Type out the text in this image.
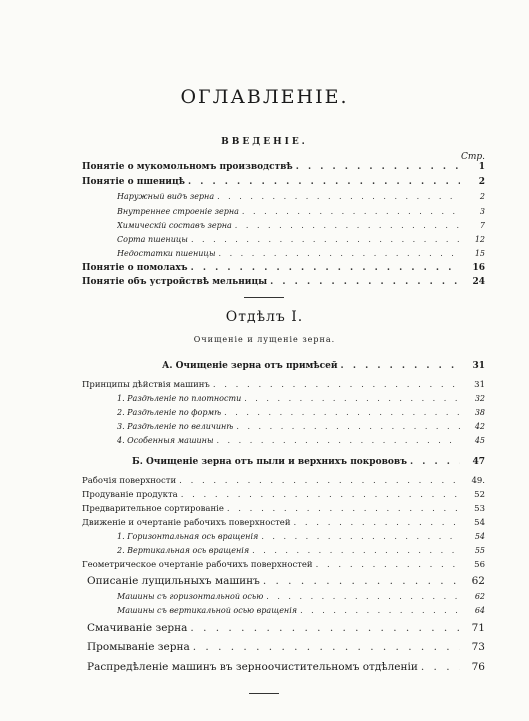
ОГЛАВЛЕНІЕ.
ВВЕДЕНІЕ.
Стр.
Понятіе о мукомольномъ производствѣ . . .	1
Понятіе о пшеницѣ . . .	2
Наружный видъ зерна . . .	2
Внутреннее строеніе зерна . . .	3
Химическій составъ зерна . . .	7
Сорта пшеницы . . .	12
Недостатки пшеницы . . .	15
Понятіе о помолахъ . . .	16
Понятіе объ устройствѣ мельницы . . .	24
Отдѣлъ I.
Очищеніе и лущеніе зерна.
А. Очищеніе зерна отъ примѣсей . . .	31
Принципы дѣйствія машинъ . . .	31
1. Раздѣленіе по плотности . . .	32
2. Раздѣленіе по формѣ . . .	38
3. Раздѣленіе по величинѣ . . .	42
4. Особенныя машины . . .	45
Б. Очищеніе зерна отъ пыли и верхнихъ покрововъ . . .	47
Рабочія поверхности . . .	49.
Продуваніе продукта . . .	52
Предварительное сортированіе . . .	53
Движеніе и очертаніе рабочихъ поверхностей . . .	54
1. Горизонтальная ось вращенія . . .	54
2. Вертикальная ось вращенія . . .	55
Геометрическое очертаніе рабочихъ поверхностей . . .	56
Описаніе лущильныхъ машинъ . . .	62
Машины съ горизонтальной осью . . .	62
Машины съ вертикальной осью вращенія . . .	64
Смачиваніе зерна . . .	71
Промываніе зерна . . .	73
Распредѣленіе машинъ въ зерноочистительномъ отдѣленіи . . .	76
